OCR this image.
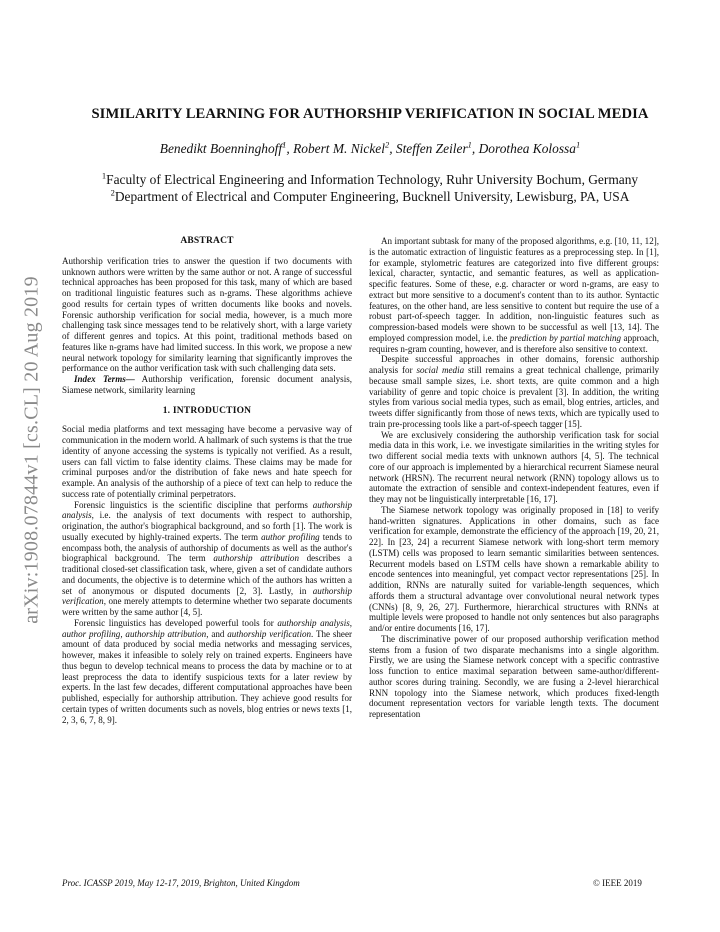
arXiv:1908.07844v1 [cs.CL] 20 Aug 2019
SIMILARITY LEARNING FOR AUTHORSHIP VERIFICATION IN SOCIAL MEDIA
Benedikt Boenninghoff$^1$, Robert M. Nickel$^2$, Steffen Zeiler$^1$, Dorothea Kolossa$^1$
$^1$Faculty of Electrical Engineering and Information Technology, Ruhr University Bochum, Germany
$^2$Department of Electrical and Computer Engineering, Bucknell University, Lewisburg, PA, USA
ABSTRACT

Authorship verification tries to answer the question if two documents with unknown authors were written by the same author or not. A range of successful technical approaches has been proposed for this task, many of which are based on traditional linguistic features such as n-grams. These algorithms achieve good results for certain types of written documents like books and novels. Forensic authorship verification for social media, however, is a much more challenging task since messages tend to be relatively short, with a large variety of different genres and topics. At this point, traditional methods based on features like n-grams have had limited success. In this work, we propose a new neural network topology for similarity learning that significantly improves the performance on the author verification task with such challenging data sets.

Index Terms— Authorship verification, forensic document analysis, Siamese network, similarity learning

1. INTRODUCTION

Social media platforms and text messaging have become a pervasive way of communication in the modern world. A hallmark of such systems is that the true identity of anyone accessing the systems is typically not verified. As a result, users can fall victim to false identity claims. These claims may be made for criminal purposes and/or the distribution of fake news and hate speech for example. An analysis of the authorship of a piece of text can help to reduce the success rate of potentially criminal perpetrators.

Forensic linguistics is the scientific discipline that performs authorship analysis, i.e. the analysis of text documents with respect to authorship, origination, the author's biographical background, and so forth [1]. The work is usually executed by highly-trained experts. The term author profiling tends to encompass both, the analysis of authorship of documents as well as the author's biographical background. The term authorship attribution describes a traditional closed-set classification task, where, given a set of candidate authors and documents, the objective is to determine which of the authors has written a set of anonymous or disputed documents [2, 3]. Lastly, in authorship verification, one merely attempts to determine whether two separate documents were written by the same author [4, 5].

Forensic linguistics has developed powerful tools for authorship analysis, author profiling, authorship attribution, and authorship verification. The sheer amount of data produced by social media networks and messaging services, however, makes it infeasible to solely rely on trained experts. Engineers have thus begun to develop technical means to process the data by machine or to at least preprocess the data to identify suspicious texts for a later review by experts. In the last few decades, different computational approaches have been published, especially for authorship attribution. They achieve good results for certain types of written documents such as novels, blog entries or news texts [1, 2, 3, 6, 7, 8, 9].

An important subtask for many of the proposed algorithms, e.g. [10, 11, 12], is the automatic extraction of linguistic features as a preprocessing step. In [1], for example, stylometric features are categorized into five different groups: lexical, character, syntactic, and semantic features, as well as application-specific features. Some of these, e.g. character or word n-grams, are easy to extract but more sensitive to a document's content than to its author. Syntactic features, on the other hand, are less sensitive to content but require the use of a robust part-of-speech tagger. In addition, non-linguistic features such as compression-based models were shown to be successful as well [13, 14]. The employed compression model, i.e. the prediction by partial matching approach, requires n-gram counting, however, and is therefore also sensitive to context.

Despite successful approaches in other domains, forensic authorship analysis for social media still remains a great technical challenge, primarily because small sample sizes, i.e. short texts, are quite common and a high variability of genre and topic choice is prevalent [3]. In addition, the writing styles from various social media types, such as email, blog entries, articles, and tweets differ significantly from those of news texts, which are typically used to train pre-processing tools like a part-of-speech tagger [15].

We are exclusively considering the authorship verification task for social media data in this work, i.e. we investigate similarities in the writing styles for two different social media texts with unknown authors [4, 5]. The technical core of our approach is implemented by a hierarchical recurrent Siamese neural network (HRSN). The recurrent neural network (RNN) topology allows us to automate the extraction of sensible and context-independent features, even if they may not be linguistically interpretable [16, 17].

The Siamese network topology was originally proposed in [18] to verify hand-written signatures. Applications in other domains, such as face verification for example, demonstrate the efficiency of the approach [19, 20, 21, 22]. In [23, 24] a recurrent Siamese network with long-short term memory (LSTM) cells was proposed to learn semantic similarities between sentences. Recurrent models based on LSTM cells have shown a remarkable ability to encode sentences into meaningful, yet compact vector representations [25]. In addition, RNNs are naturally suited for variable-length sequences, which affords them a structural advantage over convolutional neural network types (CNNs) [8, 9, 26, 27]. Furthermore, hierarchical structures with RNNs at multiple levels were proposed to handle not only sentences but also paragraphs and/or entire documents [16, 17].

The discriminative power of our proposed authorship verification method stems from a fusion of two disparate mechanisms into a single algorithm. Firstly, we are using the Siamese network concept with a specific contrastive loss function to entice maximal separation between same-author/different-author scores during training. Secondly, we are fusing a 2-level hierarchical RNN topology into the Siamese network, which produces fixed-length document representation vectors for variable length texts. The document representation

Proc. ICASSP 2019, May 12-17, 2019, Brighton, United Kingdom	© IEEE 2019
